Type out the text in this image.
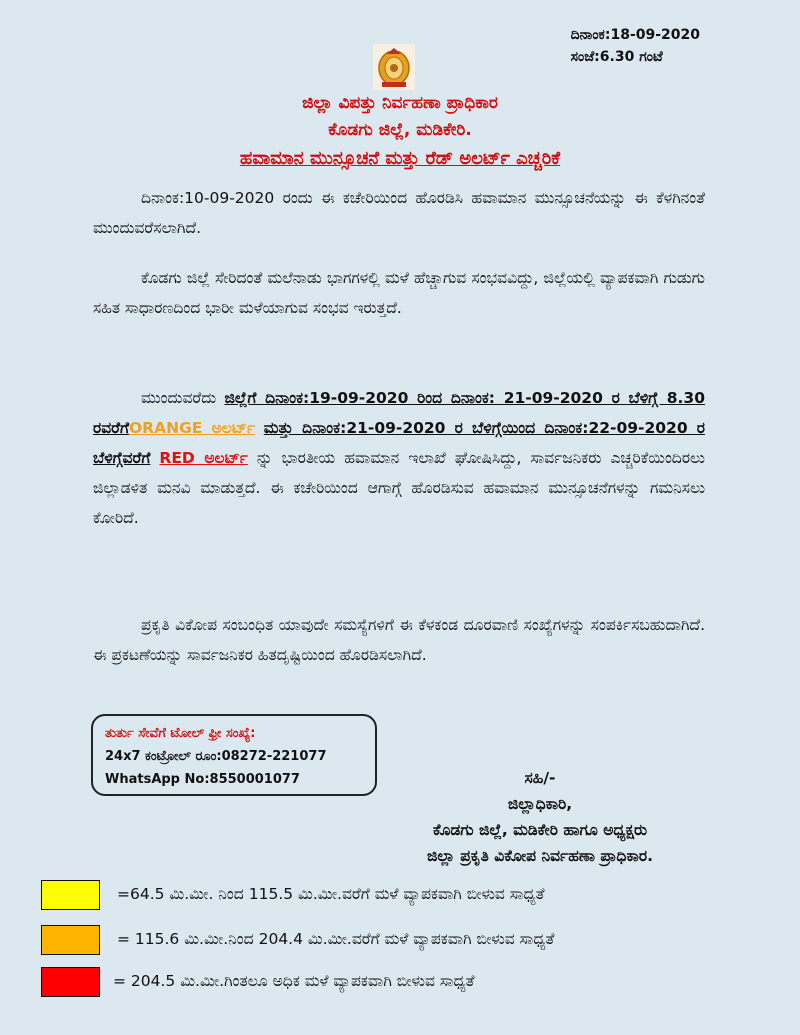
ದಿನಾಂಕ:18-09-2020
ಸಂಜೆ:6.30 ಗಂಟೆ
ಜಿಲ್ಲಾ ವಿಪತ್ತು ನಿರ್ವಹಣಾ ಪ್ರಾಧಿಕಾರ
ಕೊಡಗು ಜಿಲ್ಲೆ, ಮಡಿಕೇರಿ.
ಹವಾಮಾನ ಮುನ್ಸೂಚನೆ ಮತ್ತು ರೆಡ್ ಅಲರ್ಟ್ ಎಚ್ಚರಿಕೆ
ದಿನಾಂಕ:10-09-2020 ರಂದು ಈ ಕಚೇರಿಯಿಂದ ಹೊರಡಿಸಿ ಹವಾಮಾನ ಮುನ್ಸೂಚನೆಯನ್ನು ಈ ಕೆಳಗಿನಂತೆ ಮುಂದುವರೆಸಲಾಗಿದೆ.
ಕೊಡಗು ಜಿಲ್ಲೆ ಸೇರಿದಂತೆ ಮಲೆನಾಡು ಭಾಗಗಳಲ್ಲಿ ಮಳೆ ಹೆಚ್ಚಾಗುವ ಸಂಭವವಿದ್ದು, ಜಿಲ್ಲೆಯಲ್ಲಿ ವ್ಯಾಪಕವಾಗಿ ಗುಡುಗು ಸಹಿತ ಸಾಧಾರಣದಿಂದ ಭಾರೀ ಮಳೆಯಾಗುವ ಸಂಭವ ಇರುತ್ತದೆ.
ಮುಂದುವರೆದು ಜಿಲ್ಲೆಗೆ ದಿನಾಂಕ:19-09-2020 ರಿಂದ ದಿನಾಂಕ: 21-09-2020 ರ ಬೆಳಿಗ್ಗೆ 8.30 ರವರೆಗೆORANGE ಅಲರ್ಟ್ ಮತ್ತು ದಿನಾಂಕ:21-09-2020 ರ ಬೆಳಿಗ್ಗೆಯಿಂದ ದಿನಾಂಕ:22-09-2020 ರ ಬೆಳಿಗ್ಗೆವರೆಗೆ RED ಅಲರ್ಟ್ ನ್ನು ಭಾರತೀಯ ಹವಾಮಾನ ಇಲಾಖೆ ಘೋಷಿಸಿದ್ದು, ಸಾರ್ವಜನಿಕರು ಎಚ್ಚರಿಕೆಯಿಂದಿರಲು ಜಿಲ್ಲಾಡಳಿತ ಮನವಿ ಮಾಡುತ್ತದೆ. ಈ ಕಚೇರಿಯಿಂದ ಆಗಾಗ್ಗೆ ಹೊರಡಿಸುವ ಹವಾಮಾನ ಮುನ್ಸೂಚನೆಗಳನ್ನು ಗಮನಿಸಲು ಕೋರಿದೆ.
ಪ್ರಕೃತಿ ವಿಕೋಪ ಸಂಬಂಧಿತ ಯಾವುದೇ ಸಮಸ್ಯೆಗಳಿಗೆ ಈ ಕೆಳಕಂಡ ದೂರವಾಣಿ ಸಂಖ್ಯೆಗಳನ್ನು ಸಂಪರ್ಕಿಸಬಹುದಾಗಿದೆ. ಈ ಪ್ರಕಟಣೆಯನ್ನು ಸಾರ್ವಜನಿಕರ ಹಿತದೃಷ್ಟಿಯಿಂದ ಹೊರಡಿಸಲಾಗಿದೆ.
ತುರ್ತು ಸೇವೆಗೆ ಟೋಲ್ ಫ್ರೀ ಸಂಖ್ಯೆ:
24x7 ಕಂಟ್ರೋಲ್ ರೂಂ:08272-221077
WhatsApp No:8550001077	ಸಹಿ/-
ಜಿಲ್ಲಾಧಿಕಾರಿ,
ಕೊಡಗು ಜಿಲ್ಲೆ, ಮಡಿಕೇರಿ ಹಾಗೂ ಅಧ್ಯಕ್ಷರು
ಜಿಲ್ಲಾ ಪ್ರಕೃತಿ ವಿಕೋಪ ನಿರ್ವಹಣಾ ಪ್ರಾಧಿಕಾರ.
=64.5 ಮಿ.ಮೀ. ನಿಂದ 115.5 ಮಿ.ಮೀ.ವರೆಗೆ ಮಳೆ ವ್ಯಾಪಕವಾಗಿ ಬೀಳುವ ಸಾಧ್ಯತೆ
= 115.6 ಮಿ.ಮೀ.ನಿಂದ 204.4 ಮಿ.ಮೀ.ವರೆಗೆ ಮಳೆ ವ್ಯಾಪಕವಾಗಿ ಬೀಳುವ ಸಾಧ್ಯತೆ
= 204.5 ಮಿ.ಮೀ.ಗಿಂತಲೂ ಅಧಿಕ ಮಳೆ ವ್ಯಾಪಕವಾಗಿ ಬೀಳುವ ಸಾಧ್ಯತೆ
